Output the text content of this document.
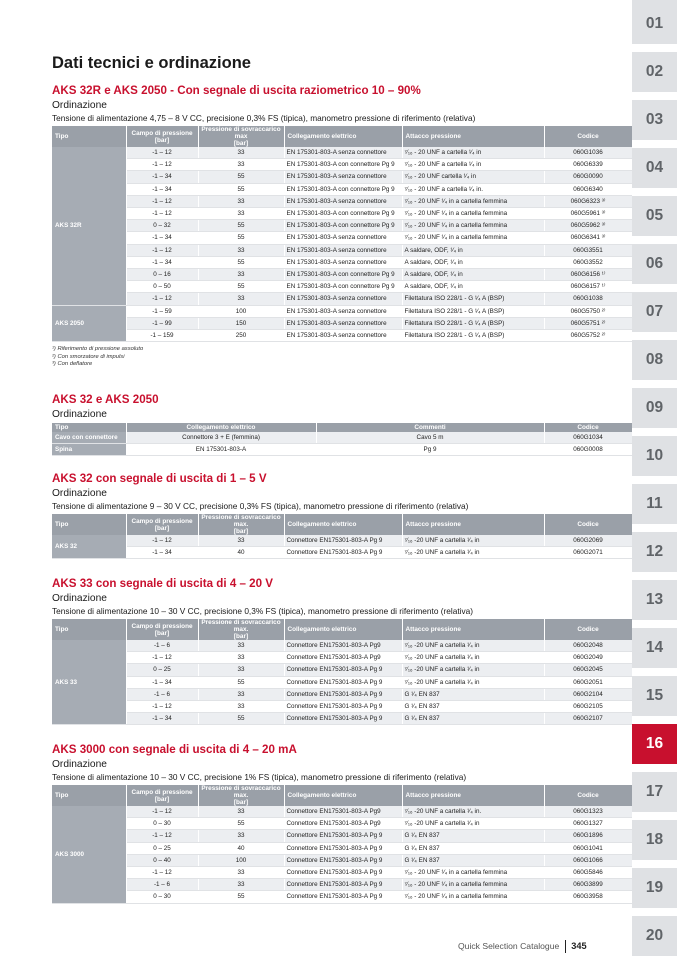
Dati tecnici e ordinazione
AKS 32R e AKS 2050 - Con segnale di uscita raziometrico 10 – 90%
Ordinazione
Tensione di alimentazione 4,75 – 8 V CC, precisione 0,3% FS (tipica), manometro pressione di riferimento (relativa)
Tipo	Campo di pressione
[bar]	Pressione di sovraccarico max
[bar]	Collegamento elettrico	Attacco pressione	Codice
AKS 32R	-1 – 12	33	EN 175301-803-A senza connettore	⁷⁄₁₆ - 20 UNF a cartella ¹⁄₄ in	060G1036
	-1 – 12	33	EN 175301-803-A con connettore Pg 9	⁷⁄₁₆ - 20 UNF a cartella ¹⁄₄ in	060G6339
	-1 – 34	55	EN 175301-803-A senza connettore	⁷⁄₁₆ - 20 UNF cartella ¹⁄₄ in	060G0090
	-1 – 34	55	EN 175301-803-A con connettore Pg 9	⁷⁄₁₆ - 20 UNF a cartella ¹⁄₄ in.	060G6340
	-1 – 12	33	EN 175301-803-A senza connettore	⁷⁄₁₆ - 20 UNF ¹⁄₄ in a cartella femmina	060G6323 ³⁾
	-1 – 12	33	EN 175301-803-A con connettore Pg 9	⁷⁄₁₆ - 20 UNF ¹⁄₄ in a cartella femmina	060G5961 ³⁾
	0 – 32	55	EN 175301-803-A con connettore Pg 9	⁷⁄₁₆ - 20 UNF ¹⁄₄ in a cartella femmina	060G5962 ³⁾
	-1 – 34	55	EN 175301-803-A senza connettore	⁷⁄₁₆ - 20 UNF ¹⁄₄ in a cartella femmina	060G6341 ³⁾
	-1 – 12	33	EN 175301-803-A senza connettore	A saldare, ODF, ¹⁄₄ in	060G3551
	-1 – 34	55	EN 175301-803-A senza connettore	A saldare, ODF, ¹⁄₄ in	060G3552
	0 – 16	33	EN 175301-803-A con connettore Pg 9	A saldare, ODF, ¹⁄₄ in	060G6156 ¹⁾
	0 – 50	55	EN 175301-803-A con connettore Pg 9	A saldare, ODF, ¹⁄₄ in	060G6157 ¹⁾
	-1 – 12	33	EN 175301-803-A senza connettore	Filettatura ISO 228/1 - G ¹⁄₄ A (BSP)	060G1038
AKS 2050	-1 – 59	100	EN 175301-803-A senza connettore	Filettatura ISO 228/1 - G ¹⁄₄ A (BSP)	060G5750 ²⁾
	-1 – 99	150	EN 175301-803-A senza connettore	Filettatura ISO 228/1 - G ¹⁄₄ A (BSP)	060G5751 ²⁾
	-1 – 159	250	EN 175301-803-A senza connettore	Filettatura ISO 228/1 - G ¹⁄₄ A (BSP)	060G5752 ²⁾
¹) Riferimento di pressione assoluto
²) Con smorzatore di impulsi
³) Con deflatore
AKS 32 e AKS 2050
Ordinazione
Tipo	Collegamento elettrico	Commenti	Codice
Cavo con connettore	Connettore 3 + E (femmina)	Cavo 5 m	060G1034
Spina	EN 175301-803-A	Pg 9	060G0008
AKS 32 con segnale di uscita di 1 – 5 V
Ordinazione
Tensione di alimentazione 9 – 30 V CC, precisione 0,3% FS (tipica), manometro pressione di riferimento (relativa)
Tipo	Campo di pressione
[bar]	Pressione di sovraccarico max.
[bar]	Collegamento elettrico	Attacco pressione	Codice
AKS 32	-1 – 12	33	Connettore EN175301-803-A Pg 9	⁷⁄₁₆ -20 UNF a cartella ¹⁄₄ in	060G2069
	-1 – 34	40	Connettore EN175301-803-A Pg 9	⁷⁄₁₆ -20 UNF a cartella ¹⁄₄ in	060G2071
AKS 33 con segnale di uscita di 4 – 20 V
Ordinazione
Tensione di alimentazione 10 – 30 V CC, precisione 0,3% FS (tipica), manometro pressione di riferimento (relativa)
Tipo	Campo di pressione
[bar]	Pressione di sovraccarico max.
[bar]	Collegamento elettrico	Attacco pressione	Codice
AKS 33	-1 – 6	33	Connettore EN175301-803-A Pg9	⁷⁄₁₆ -20 UNF a cartella ¹⁄₄ in	060G2048
	-1 – 12	33	Connettore EN175301-803-A Pg9	⁷⁄₁₆ -20 UNF a cartella ¹⁄₄ in	060G2049
	0 – 25	33	Connettore EN175301-803-A Pg 9	⁷⁄₁₆ -20 UNF a cartella ¹⁄₄ in	060G2045
	-1 – 34	55	Connettore EN175301-803-A Pg 9	⁷⁄₁₆ -20 UNF a cartella ¹⁄₄ in	060G2051
	-1 – 6	33	Connettore EN175301-803-A Pg 9	G ¹⁄₄ EN 837	060G2104
	-1 – 12	33	Connettore EN175301-803-A Pg 9	G ¹⁄₄ EN 837	060G2105
	-1 – 34	55	Connettore EN175301-803-A Pg 9	G ¹⁄₄ EN 837	060G2107
AKS 3000 con segnale di uscita di 4 – 20 mA
Ordinazione
Tensione di alimentazione 10 – 30 V CC, precisione 1% FS (tipica), manometro pressione di riferimento (relativa)
Tipo	Campo di pressione
[bar]	Pressione di sovraccarico max.
[bar]	Collegamento elettrico	Attacco pressione	Codice
AKS 3000	-1 – 12	33	Connettore EN175301-803-A Pg9	⁷⁄₁₆ -20 UNF a cartella ¹⁄₄ in.	060G1323
	0 – 30	55	Connettore EN175301-803-A Pg9	⁷⁄₁₆ -20 UNF a cartella ¹⁄₄ in	060G1327
	-1 – 12	33	Connettore EN175301-803-A Pg 9	G ¹⁄₄ EN 837	060G1896
	0 – 25	40	Connettore EN175301-803-A Pg 9	G ¹⁄₄ EN 837	060G1041
	0 – 40	100	Connettore EN175301-803-A Pg 9	G ¹⁄₄ EN 837	060G1066
	-1 – 12	33	Connettore EN175301-803-A Pg 9	⁷⁄₁₆ - 20 UNF ¹⁄₄ in a cartella femmina	060G5846
	-1 – 6	33	Connettore EN175301-803-A Pg 9	⁷⁄₁₆ - 20 UNF ¹⁄₄ in a cartella femmina	060G3899
	0 – 30	55	Connettore EN175301-803-A Pg 9	⁷⁄₁₆ - 20 UNF ¹⁄₄ in a cartella femmina	060G3958
01
02
03
04
05
06
07
08
09
10
11
12
13
14
15
16
17
18
19
20
Quick Selection Catalogue 345
